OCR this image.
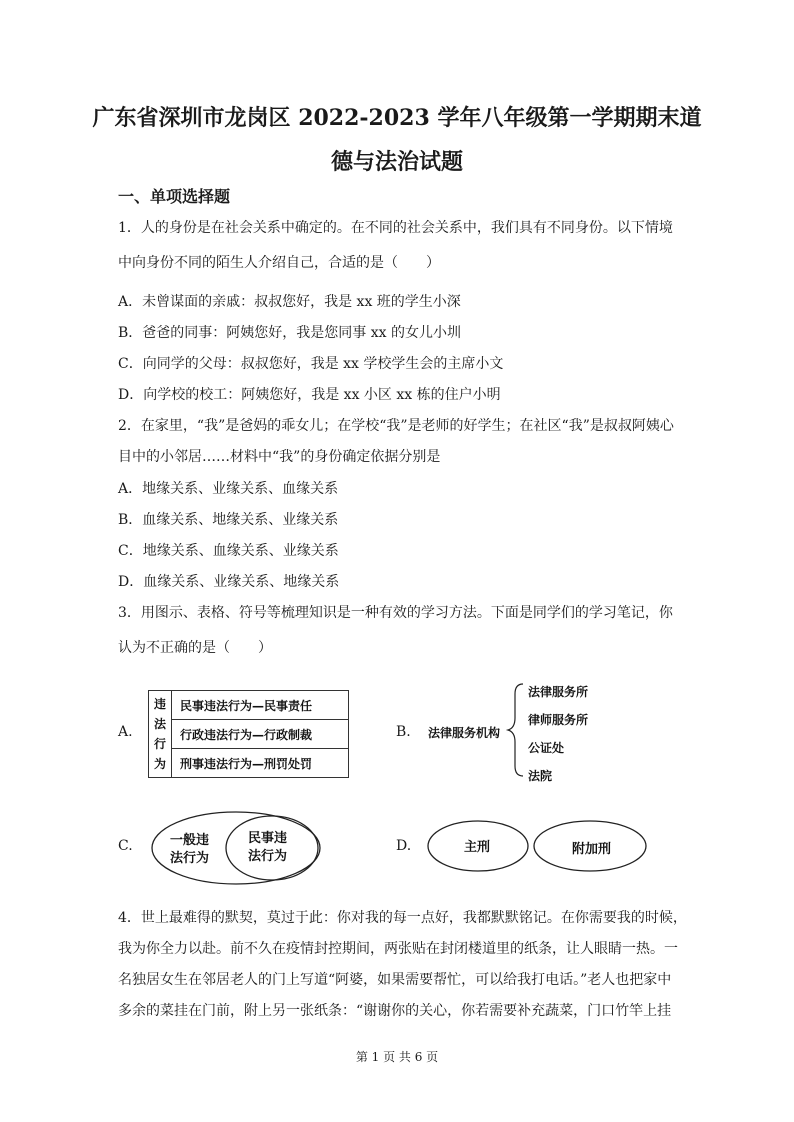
广东省深圳市龙岗区 2022-2023 学年八年级第一学期期末道
德与法治试题
一、单项选择题
1．人的身份是在社会关系中确定的。在不同的社会关系中，我们具有不同身份。以下情境
中向身份不同的陌生人介绍自己，合适的是（　　）
A．未曾谋面的亲戚：叔叔您好，我是 xx 班的学生小深
B．爸爸的同事：阿姨您好，我是您同事 xx 的女儿小圳
C．向同学的父母：叔叔您好，我是 xx 学校学生会的主席小文
D．向学校的校工：阿姨您好，我是 xx 小区 xx 栋的住户小明
2．在家里，“我”是爸妈的乖女儿；在学校“我”是老师的好学生；在社区“我”是叔叔阿姨心
目中的小邻居……材料中“我”的身份确定依据分别是
A．地缘关系、业缘关系、血缘关系
B．血缘关系、地缘关系、业缘关系
C．地缘关系、血缘关系、业缘关系
D．血缘关系、业缘关系、地缘关系
3．用图示、表格、符号等梳理知识是一种有效的学习方法。下面是同学们的学习笔记，你
认为不正确的是（　　）
A.
违
法
行
为
	民事违法行为—民事责任
行政违法行为—行政制裁
刑事违法行为—刑罚处罚
B. 法律服务机构
法律服务所
律师服务所
公证处
法院
C.	一般违
法行为
民事违
法行为
D.	主刑	附加刑
4．世上最难得的默契，莫过于此：你对我的每一点好，我都默默铭记。在你需要我的时候，
我为你全力以赴。前不久在疫情封控期间，两张贴在封闭楼道里的纸条，让人眼睛一热。一
名独居女生在邻居老人的门上写道“阿婆，如果需要帮忙，可以给我打电话。”老人也把家中
多余的菜挂在门前，附上另一张纸条：“谢谢你的关心，你若需要补充蔬菜，门口竹竿上挂
第 1 页 共 6 页
